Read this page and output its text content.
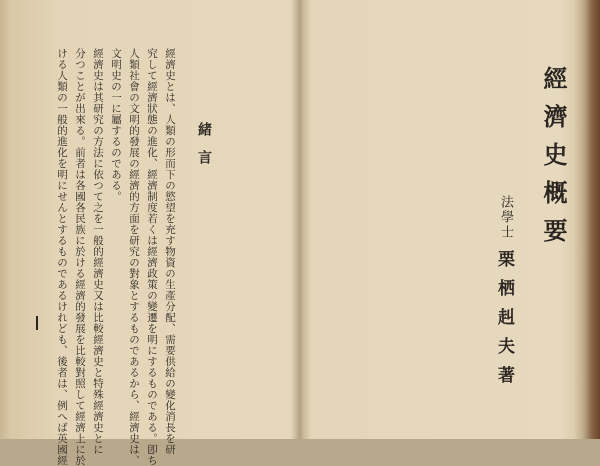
緒言
經濟史とは、人類の形而下の慾望を充す物資の生產分配、需要供給の變化消長を研
究して經濟狀態の進化、經濟制度若くは經濟政策の變遷を明にするものである。卽ち
人類社會の文明的發展の經濟的方面を研究の對象とするものであるから、經濟史は、
文明史の一に屬するのである。
經濟史は其研究の方法に依つて之を一般的經濟史又は比較經濟史と特殊經濟史とに
分つことが出來る。前者は各國各民族に於ける經濟的發展を比較對照して經濟上に於
ける人類の一般的進化を明にせんとするものであるけれども、後者は、例へば英國經	經濟史概要
法學士
栗栖赳夫著
